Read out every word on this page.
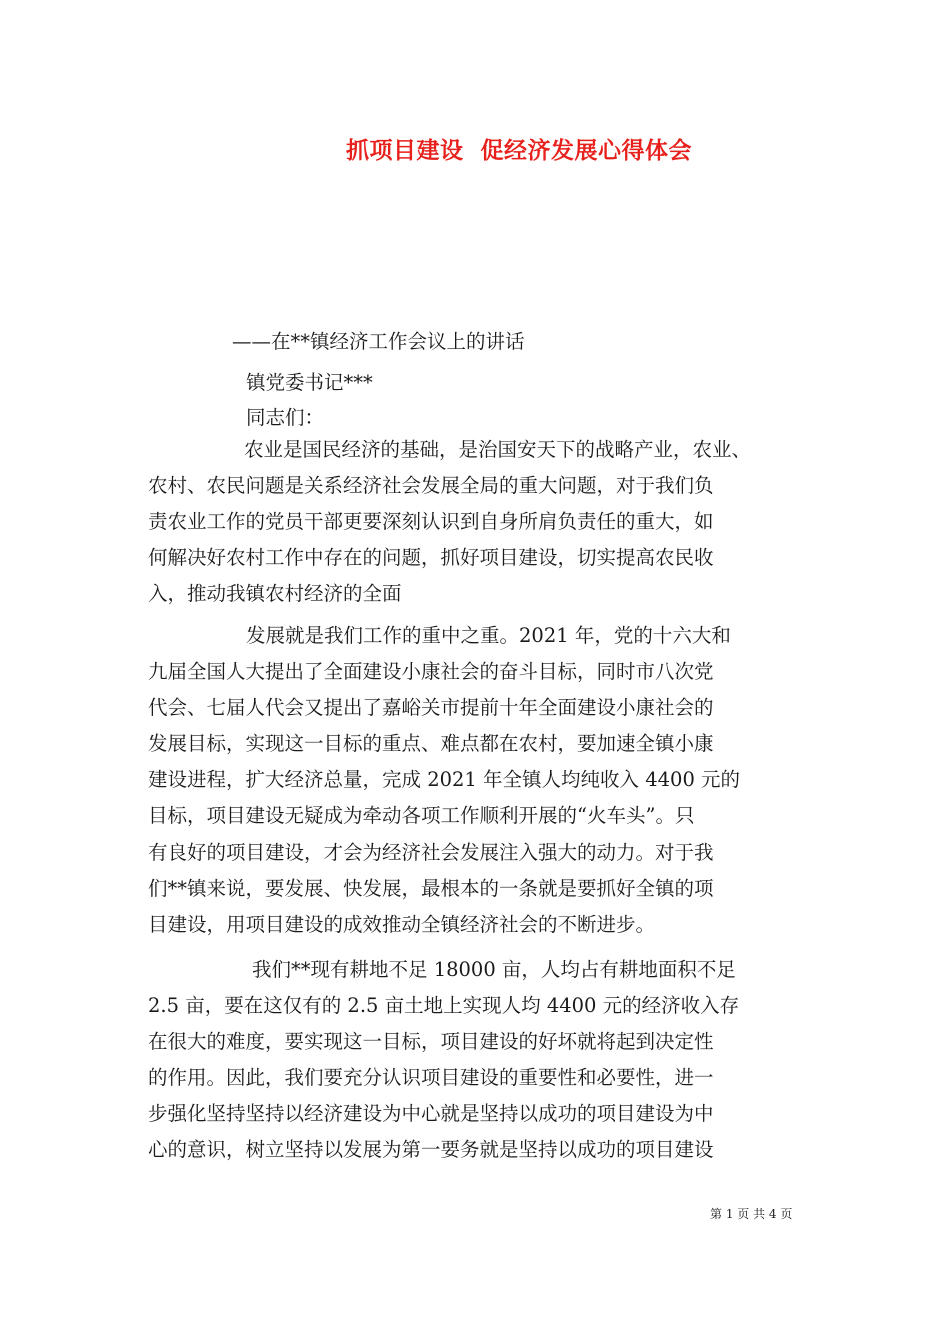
抓项目建设  促经济发展心得体会
——在**镇经济工作会议上的讲话
镇党委书记***
同志们：
农业是国民经济的基础，是治国安天下的战略产业，农业、
农村、农民问题是关系经济社会发展全局的重大问题，对于我们负
责农业工作的党员干部更要深刻认识到自身所肩负责任的重大，如
何解决好农村工作中存在的问题，抓好项目建设，切实提高农民收
入，推动我镇农村经济的全面
发展就是我们工作的重中之重。2021 年，党的十六大和
九届全国人大提出了全面建设小康社会的奋斗目标，同时市八次党
代会、七届人代会又提出了嘉峪关市提前十年全面建设小康社会的
发展目标，实现这一目标的重点、难点都在农村，要加速全镇小康
建设进程，扩大经济总量，完成 2021 年全镇人均纯收入 4400 元的
目标，项目建设无疑成为牵动各项工作顺利开展的“火车头”。只
有良好的项目建设，才会为经济社会发展注入强大的动力。对于我
们**镇来说，要发展、快发展，最根本的一条就是要抓好全镇的项
目建设，用项目建设的成效推动全镇经济社会的不断进步。
我们**现有耕地不足 18000 亩，人均占有耕地面积不足
2.5 亩，要在这仅有的 2.5 亩土地上实现人均 4400 元的经济收入存
在很大的难度，要实现这一目标，项目建设的好坏就将起到决定性
的作用。因此，我们要充分认识项目建设的重要性和必要性，进一
步强化坚持坚持以经济建设为中心就是坚持以成功的项目建设为中
心的意识，树立坚持以发展为第一要务就是坚持以成功的项目建设
第 1 页 共 4 页
